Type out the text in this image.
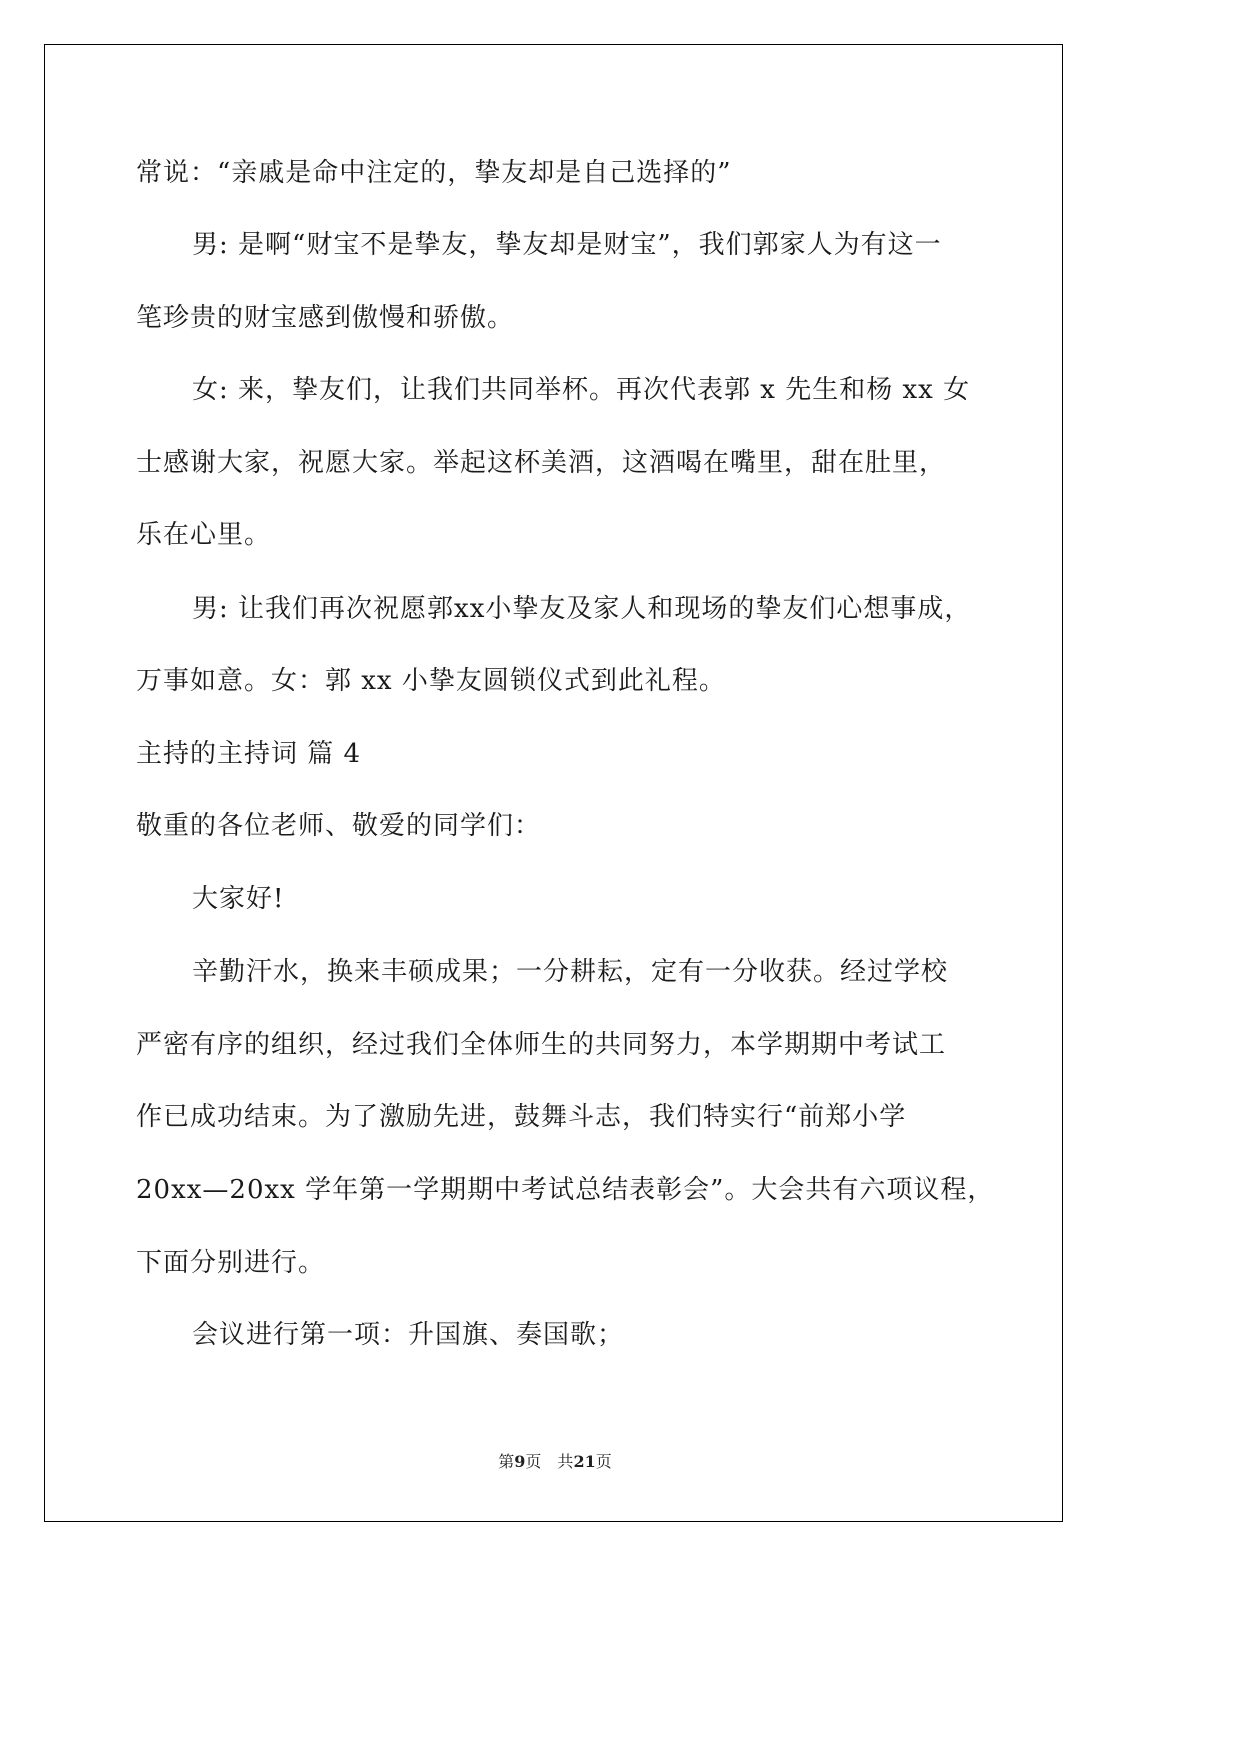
常说：“亲戚是命中注定的，挚友却是自己选择的”
男: 是啊“财宝不是挚友，挚友却是财宝”，我们郭家人为有这一
笔珍贵的财宝感到傲慢和骄傲。
女: 来，挚友们，让我们共同举杯。再次代表郭 x 先生和杨 xx 女
士感谢大家，祝愿大家。举起这杯美酒，这酒喝在嘴里，甜在肚里，
乐在心里。
男: 让我们再次祝愿郭xx小挚友及家人和现场的挚友们心想事成，
万事如意。女：郭 xx 小挚友圆锁仪式到此礼程。
主持的主持词 篇 4
敬重的各位老师、敬爱的同学们：
大家好!
辛勤汗水，换来丰硕成果；一分耕耘，定有一分收获。经过学校
严密有序的组织，经过我们全体师生的共同努力，本学期期中考试工
作已成功结束。为了激励先进，鼓舞斗志，我们特实行“前郑小学
20xx—20xx 学年第一学期期中考试总结表彰会”。大会共有六项议程，
下面分别进行。
会议进行第一项：升国旗、奏国歌；
第9页　共21页
